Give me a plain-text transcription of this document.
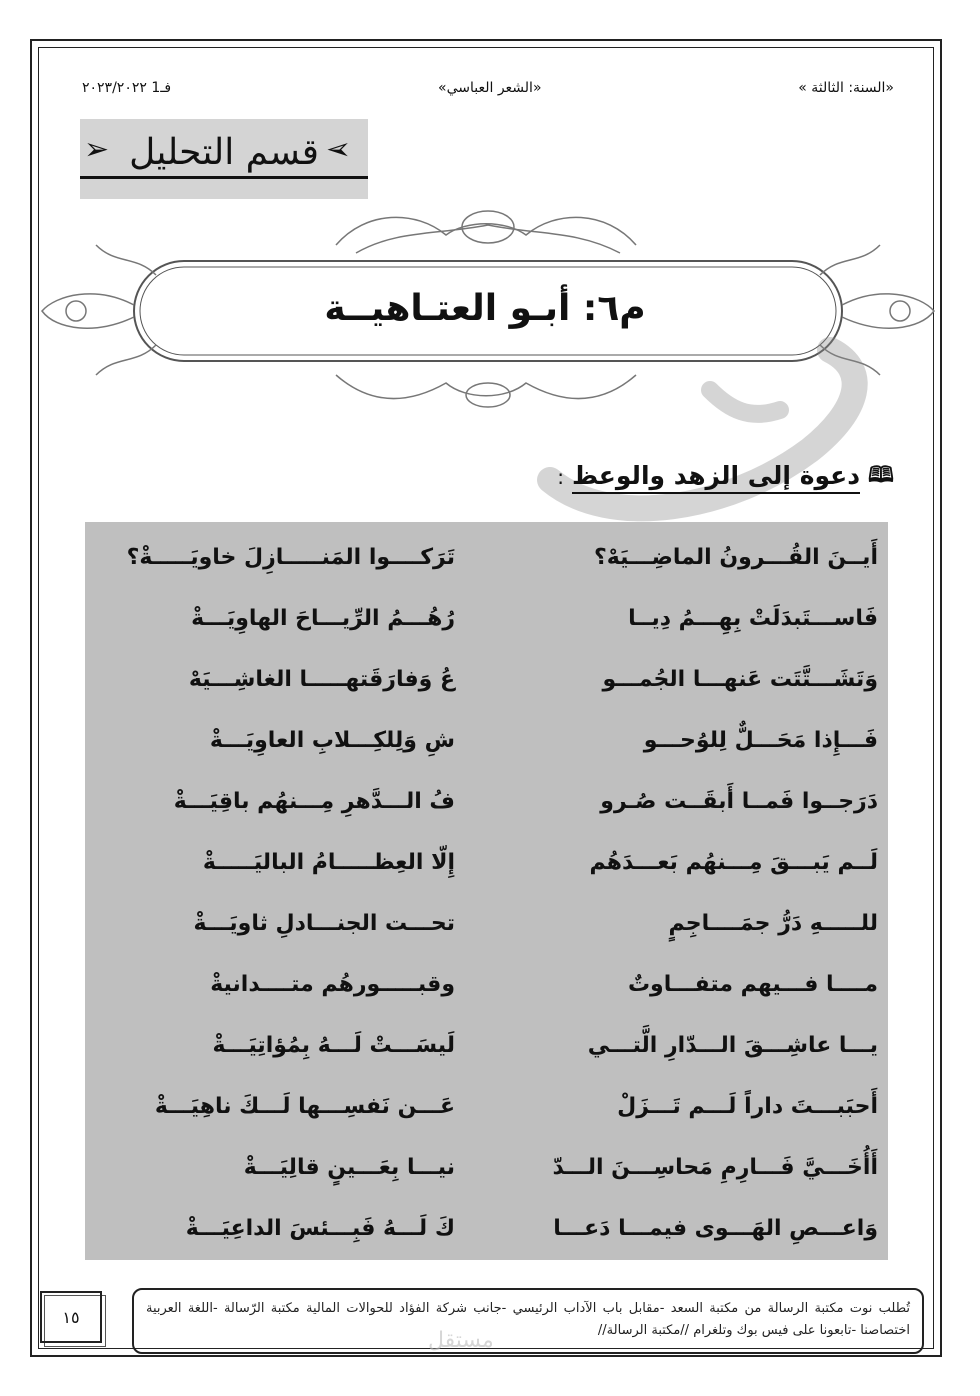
«السنة: الثالثة »
«الشعر العباسي»
فـ1 ٢٠٢٣/٢٠٢٢
قسم التحليل
➢	➢
م٦: أبـو العتـاهيــة
🕮
دعوة إلى الزهد والوعظ
:
أَيــنَ القُـــرونُ الماضِـــيَهْ؟
تَرَكــــوا المَنـــــازِلَ خاويَـــــةْ؟
فَاســـتَبدَلَتْ بِهِـــمُ دِيــا
رُهُـــمُ الرِّيـــاحَ الهاوِيَـــةْ
وَتَشَـــتَّتَت عَنهـــا الجُمـــو
عُ وَفارَقَتهـــــا الغاشِـــيَهْ
فَـــإِذا مَحَـــلٌّ لِلوُحـــو
شِ وَلِلكِـــلابِ العاوِيَـــةْ
دَرَجــوا فَمــا أَبقَــت صُـرو
فُ الـــدَّهرِ مِـــنهُم باقِيَـــةْ
لَــم يَبـــقَ مِـــنهُم بَعـــدَهُم
إِلّا العِظـــــامُ الباليَـــــةْ
للـــــهِ دَرُّ جمَــــاجِمٍ
تحـــت الجنـــادلِ ثاويَـــةْ
مــــا فـــيهم متفـــاوتٌ
وقبـــــورهُم متــــدانيةْ
يـــا عاشِـــقَ الـــدّارِ الَّتـــي
لَيسَـــتْ لَـــهُ بِمُؤاتِيَـــةْ
أَحبَبـــتَ داراً لَـــم تَـــزَلْ
عَـــن نَفسِـــها لَـــكَ ناهِيَـــةْ
أَأُخَـــيَّ فَـــارِمِ مَحاسِـــنَ الـــدّ
نيـــا بِعَـــينٍ قالِيَـــةْ
وَاعـــصِ الهَـــوى فيمـــا دَعـــا
كَ لَـــهُ فَبِـــئسَ الداعِيَـــةْ
١٥	تُطلب نوت مكتبة الرسالة من مكتبة السعد -مقابل باب الآداب الرئيسي -جانب شركة الفؤاد للحوالات المالية مكتبة الرّسالة -اللغة العربية اختصاصنا -تابعونا على فيس بوك وتلغرام //مكتبة الرسالة//
مستقل
